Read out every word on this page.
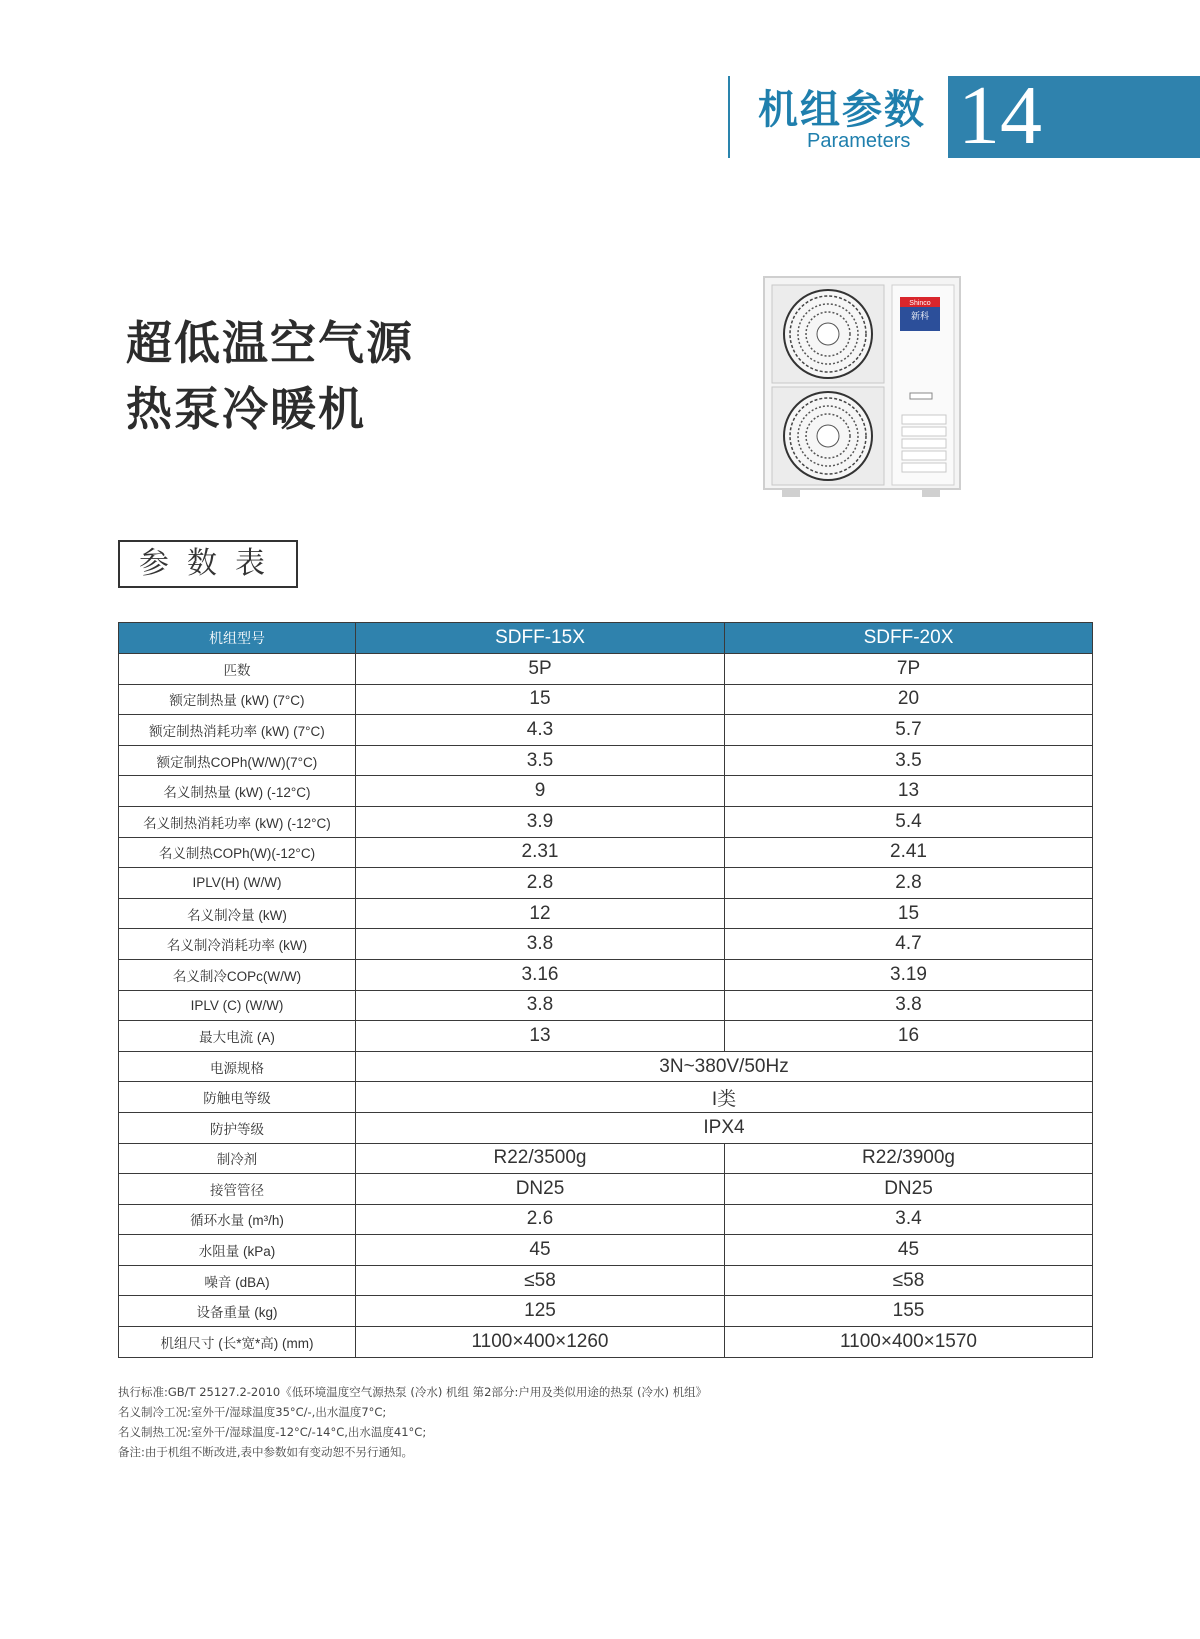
机组参数
Parameters 14
超低温空气源
热泵冷暖机
Shinco
新科
参数表
机组型号	SDFF-15X	SDFF-20X
匹数	5P	7P
额定制热量 (kW) (7°C)	15	20
额定制热消耗功率 (kW) (7°C)	4.3	5.7
额定制热COPh(W/W)(7°C)	3.5	3.5
名义制热量 (kW) (-12°C)	9	13
名义制热消耗功率 (kW) (-12°C)	3.9	5.4
名义制热COPh(W)(-12°C)	2.31	2.41
IPLV(H) (W/W)	2.8	2.8
名义制冷量 (kW)	12	15
名义制冷消耗功率 (kW)	3.8	4.7
名义制冷COPc(W/W)	3.16	3.19
IPLV (C) (W/W)	3.8	3.8
最大电流 (A)	13	16
电源规格	3N~380V/50Hz	
防触电等级	I类	
防护等级	IPX4	
制冷剂	R22/3500g	R22/3900g
接管管径	DN25	DN25
循环水量 (m³/h)	2.6	3.4
水阻量 (kPa)	45	45
噪音 (dBA)	≤58	≤58
设备重量 (kg)	125	155
机组尺寸 (长*宽*高) (mm)	1100×400×1260	1100×400×1570
执行标准:GB/T 25127.2-2010《低环境温度空气源热泵 (冷水) 机组 第2部分:户用及类似用途的热泵 (冷水) 机组》
名义制冷工况:室外干/湿球温度35°C/-,出水温度7°C;
名义制热工况:室外干/湿球温度-12°C/-14°C,出水温度41°C;
备注:由于机组不断改进,表中参数如有变动恕不另行通知。
